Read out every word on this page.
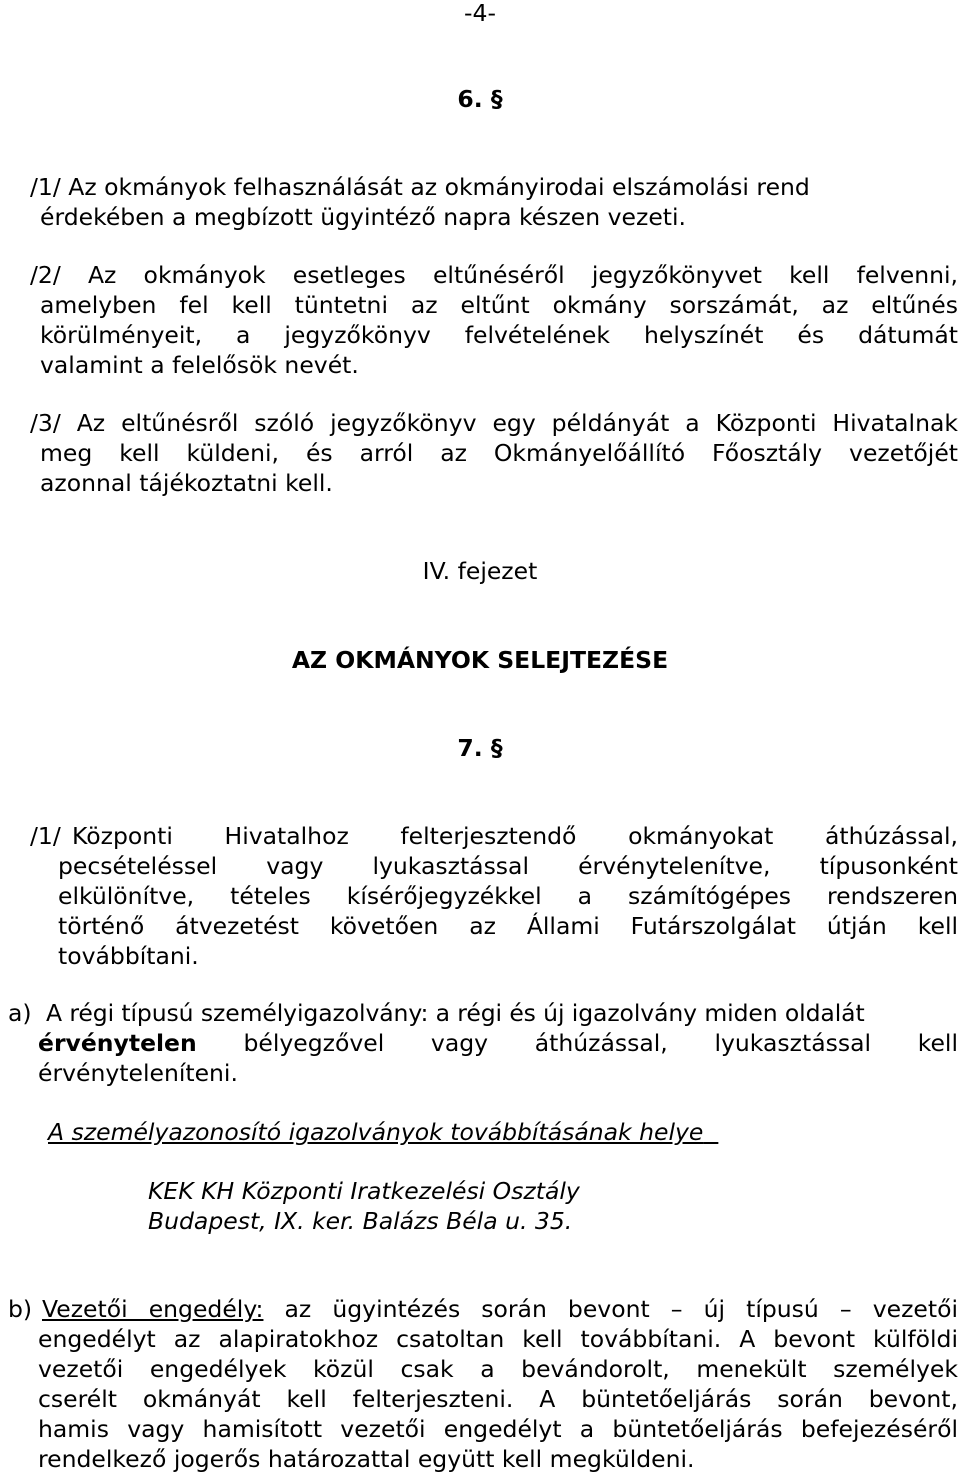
-4-
6. §
/1/ Az okmányok felhasználását az okmányirodai elszámolási rend
érdekében a megbízott ügyintéző napra készen vezeti.
/2/ Az okmányok esetleges eltűnéséről jegyzőkönyvet kell felvenni,
amelyben fel kell tüntetni az eltűnt okmány sorszámát, az eltűnés
körülményeit, a jegyzőkönyv felvételének helyszínét és dátumát
valamint a felelősök nevét.
/3/ Az eltűnésről szóló jegyzőkönyv egy példányát a Központi Hivatalnak
meg kell küldeni, és arról az Okmányelőállító Főosztály vezetőjét
azonnal tájékoztatni kell.
IV. fejezet
AZ OKMÁNYOK SELEJTEZÉSE
7. §
/1/ Központi Hivatalhoz felterjesztendő okmányokat áthúzással,
pecsételéssel vagy lyukasztással érvénytelenítve, típusonként
elkülönítve, tételes kísérőjegyzékkel a számítógépes rendszeren
történő átvezetést követően az Állami Futárszolgálat útján kell
továbbítani.
a) A régi típusú személyigazolvány: a régi és új igazolvány miden oldalát
érvénytelen bélyegzővel vagy áthúzással, lyukasztással kell
érvényteleníteni.
A személyazonosító igazolványok továbbításának helye
KEK KH Központi Iratkezelési Osztály
Budapest, IX. ker. Balázs Béla u. 35.
b) Vezetői engedély: az ügyintézés során bevont – új típusú – vezetői
engedélyt az alapiratokhoz csatoltan kell továbbítani. A bevont külföldi
vezetői engedélyek közül csak a bevándorolt, menekült személyek
cserélt okmányát kell felterjeszteni. A büntetőeljárás során bevont,
hamis vagy hamisított vezetői engedélyt a büntetőeljárás befejezéséről
rendelkező jogerős határozattal együtt kell megküldeni.
